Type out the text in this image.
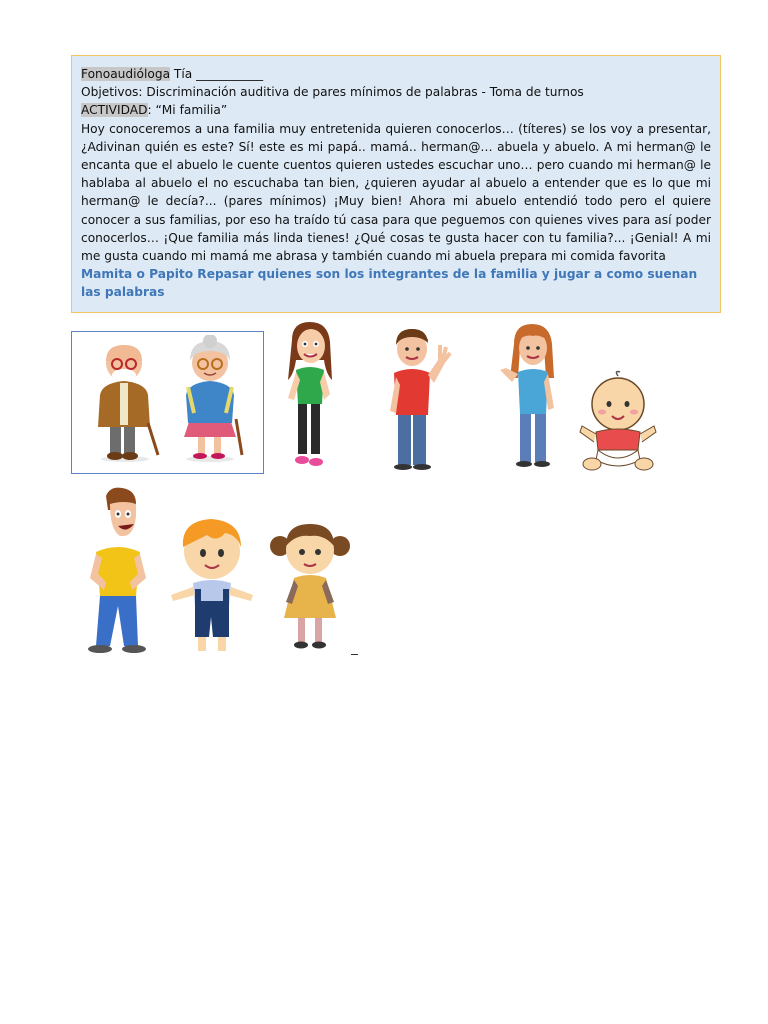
Fonoaudióloga Tía ___________
Objetivos: Discriminación auditiva de pares mínimos de palabras - Toma de turnos
ACTIVIDAD: “Mi familia”
Hoy conoceremos a una familia muy entretenida quieren conocerlos… (títeres) se los voy a presentar, ¿Adivinan quién es este? Sí! este es mi papá.. mamá.. herman@… abuela y abuelo. A mi herman@ le encanta que el abuelo le cuente cuentos quieren ustedes escuchar uno… pero cuando mi herman@ le hablaba al abuelo el no escuchaba tan bien, ¿quieren ayudar al abuelo a entender que es lo que mi herman@ le decía?... (pares mínimos) ¡Muy bien! Ahora mi abuelo entendió todo pero el quiere conocer a sus familias, por eso ha traído tú casa para que peguemos con quienes vives para así poder conocerlos… ¡Que familia más linda tienes! ¿Qué cosas te gusta hacer con tu familia?... ¡Genial! A mi me gusta cuando mi mamá me abrasa y también cuando mi abuela prepara mi comida favorita
Mamita o Papito Repasar quienes son los integrantes de la familia y jugar a como suenan las palabras
